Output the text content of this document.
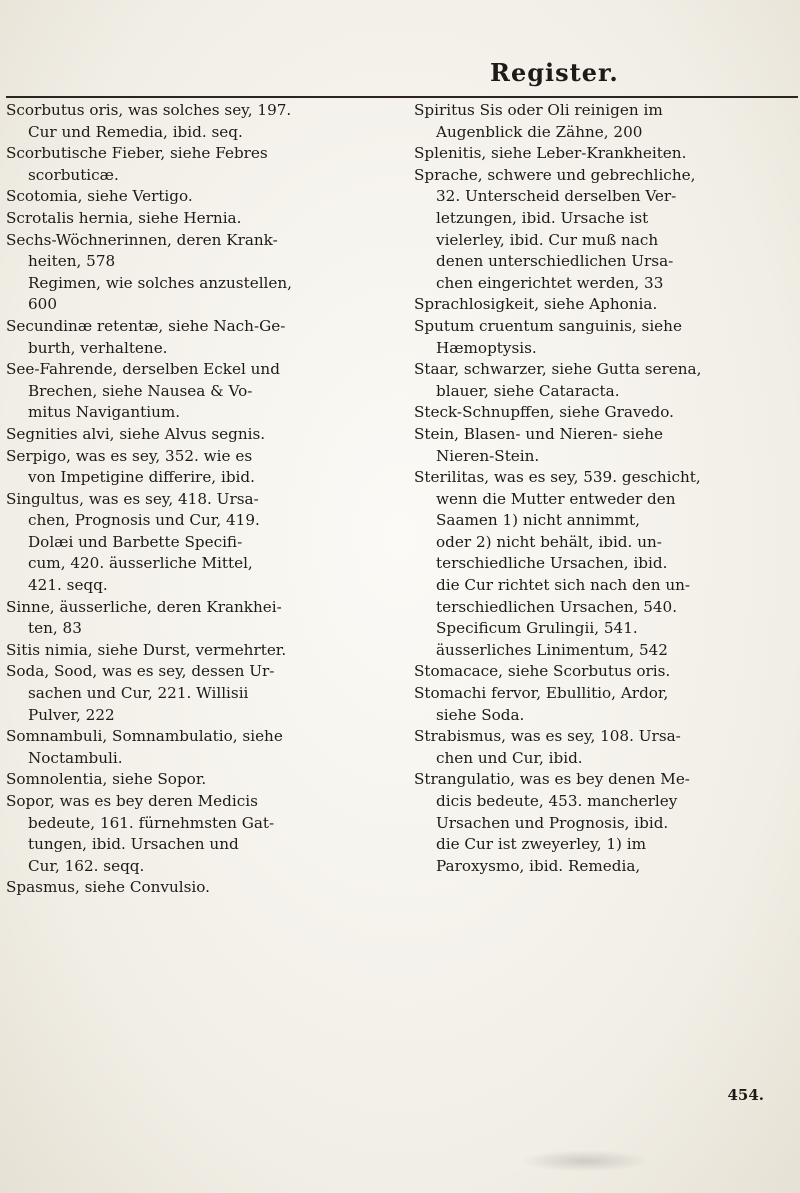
Register.
Scorbutus oris, was solches sey, 197.
Cur und Remedia, ibid. seq.
Scorbutische Fieber, siehe Febres
scorbuticæ.
Scotomia, siehe Vertigo.
Scrotalis hernia, siehe Hernia.
Sechs-Wöchnerinnen, deren Krank-
heiten, 578
Regimen, wie solches anzustellen,
600
Secundinæ retentæ, siehe Nach-Ge-
burth, verhaltene.
See-Fahrende, derselben Eckel und
Brechen, siehe Nausea & Vo-
mitus Navigantium.
Segnities alvi, siehe Alvus segnis.
Serpigo, was es sey, 352. wie es
von Impetigine differire, ibid.
Singultus, was es sey, 418. Ursa-
chen, Prognosis und Cur, 419.
Dolæi und Barbette Specifi-
cum, 420. äusserliche Mittel,
421. seqq.
Sinne, äusserliche, deren Krankhei-
ten, 83
Sitis nimia, siehe Durst, vermehrter.
Soda, Sood, was es sey, dessen Ur-
sachen und Cur, 221. Willisii
Pulver, 222
Somnambuli, Somnambulatio, siehe
Noctambuli.
Somnolentia, siehe Sopor.
Sopor, was es bey deren Medicis
bedeute, 161. fürnehmsten Gat-
tungen, ibid. Ursachen und
Cur, 162. seqq.
Spasmus, siehe Convulsio.
Spiritus Sis oder Oli reinigen im
Augenblick die Zähne, 200
Splenitis, siehe Leber-Krankheiten.
Sprache, schwere und gebrechliche,
32. Unterscheid derselben Ver-
letzungen, ibid. Ursache ist
vielerley, ibid. Cur muß nach
denen unterschiedlichen Ursa-
chen eingerichtet werden, 33
Sprachlosigkeit, siehe Aphonia.
Sputum cruentum sanguinis, siehe
Hæmoptysis.
Staar, schwarzer, siehe Gutta serena,
blauer, siehe Cataracta.
Steck-Schnupffen, siehe Gravedo.
Stein, Blasen- und Nieren- siehe
Nieren-Stein.
Sterilitas, was es sey, 539. geschicht,
wenn die Mutter entweder den
Saamen 1) nicht annimmt,
oder 2) nicht behält, ibid. un-
terschiedliche Ursachen, ibid.
die Cur richtet sich nach den un-
terschiedlichen Ursachen, 540.
Specificum Grulingii, 541.
äusserliches Linimentum, 542
Stomacace, siehe Scorbutus oris.
Stomachi fervor, Ebullitio, Ardor,
siehe Soda.
Strabismus, was es sey, 108. Ursa-
chen und Cur, ibid.
Strangulatio, was es bey denen Me-
dicis bedeute, 453. mancherley
Ursachen und Prognosis, ibid.
die Cur ist zweyerley, 1) im
Paroxysmo, ibid. Remedia,
454.
